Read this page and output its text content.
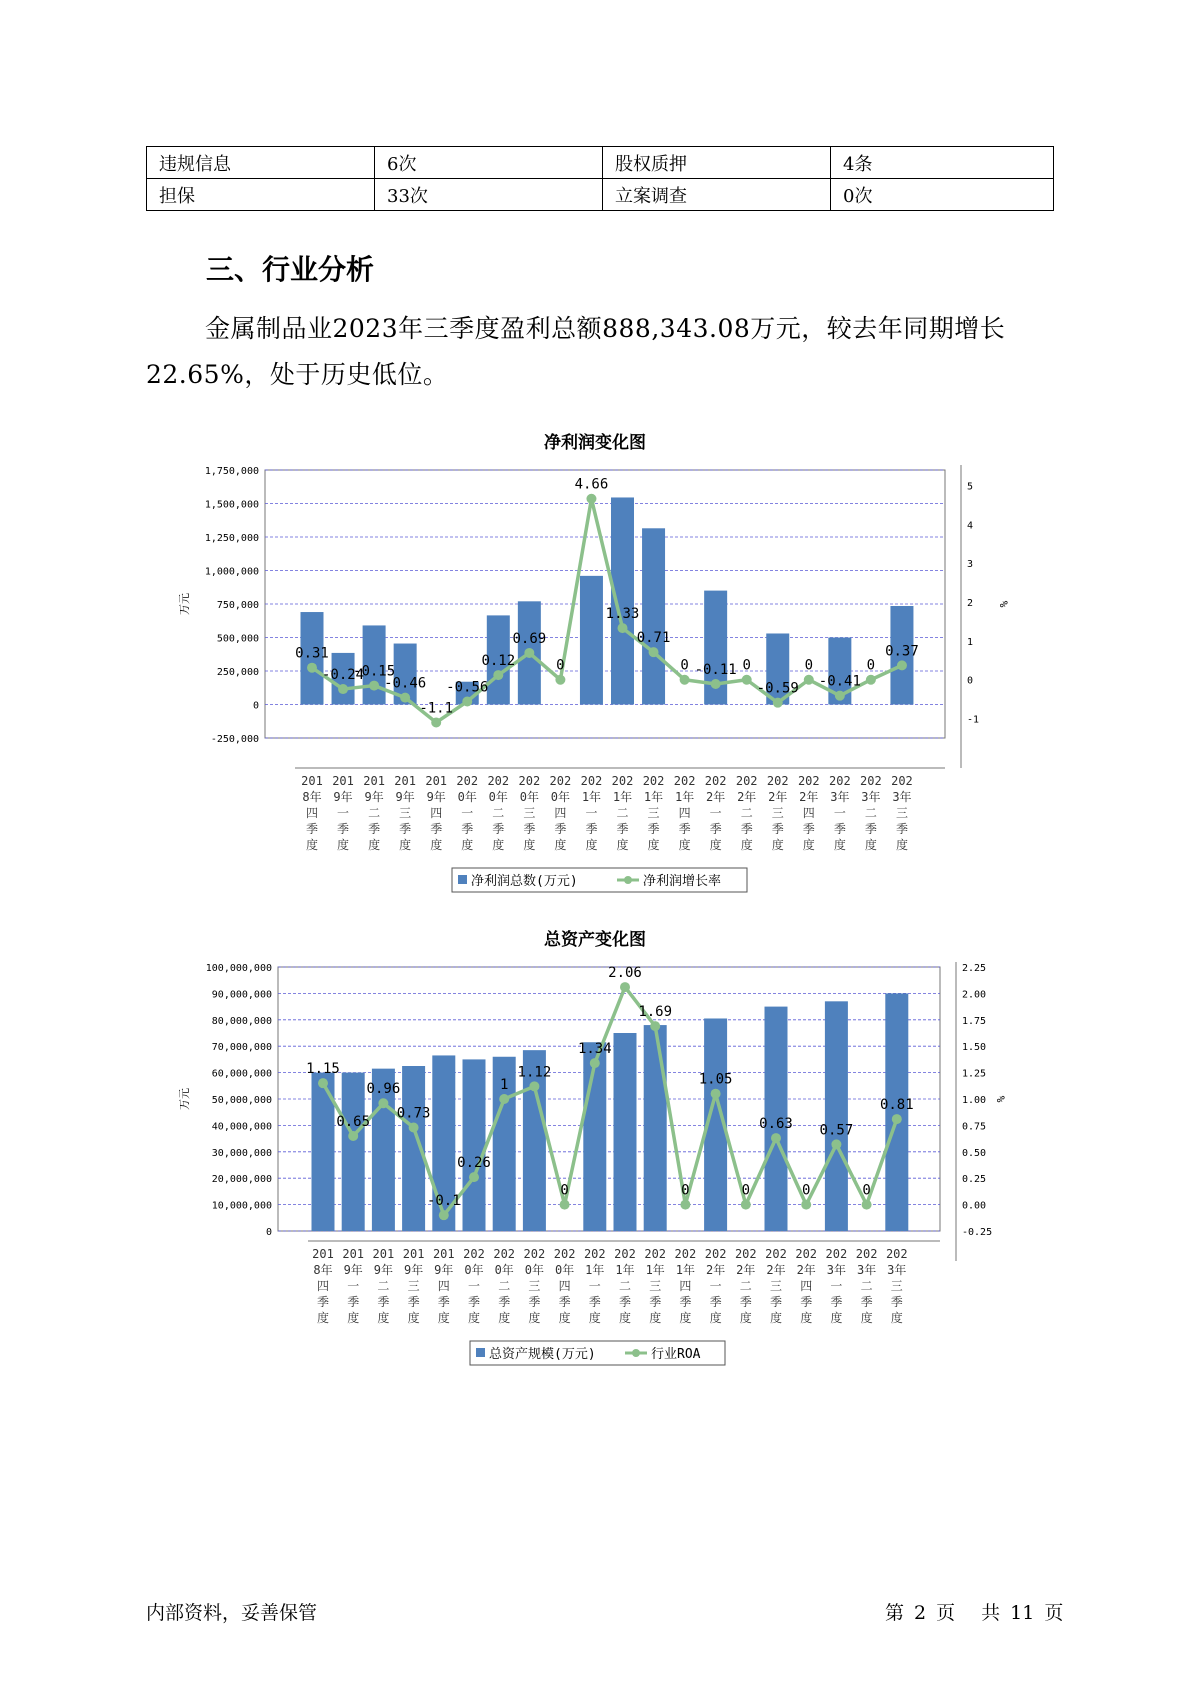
违规信息	6次	股权质押	4条
担保	33次	立案调查	0次
三、行业分析

金属制品业2023年三季度盈利总额888,343.08万元，较去年同期增长22.65%，处于历史低位。

净利润变化图
-250,000
0
250,000
500,000
750,000
1,000,000
1,250,000
1,500,000
1,750,000
-1
0
1
2
3
4
5
万元	%
0.31
-0.24
-0.15
-0.46
-1.1
-0.56
0.12
0.69
0
4.66
1.33
0.71
0 -0.11 0
-0.59
0
-0.41
0
0.37
201
8年
四
季
度
201
9年
一
季
度
201
9年
二
季
度
201
9年
三
季
度
201
9年
四
季
度
202
0年
一
季
度
202
0年
二
季
度
202
0年
三
季
度
202
0年
四
季
度
202
1年
一
季
度
202
1年
二
季
度
202
1年
三
季
度
202
1年
四
季
度
202
2年
一
季
度
202
2年
二
季
度
202
2年
三
季
度
202
2年
四
季
度
202
3年
一
季
度
202
3年
二
季
度
202
3年
三
季
度
净利润总数(万元)	净利润增长率
总资产变化图
0
10,000,000
20,000,000
30,000,000
40,000,000
50,000,000
60,000,000
70,000,000
80,000,000
90,000,000
100,000,000
-0.25
0.00
0.25
0.50
0.75
1.00
1.25
1.50
1.75
2.00
2.25
万元	%
1.15
0.65
0.96
0.73
-0.1
0.26
1
1.12
0
1.34
2.06
1.69
0
1.05
0
0.63
0
0.57
0
0.81
201
8年
四
季
度
201
9年
一
季
度
201
9年
二
季
度
201
9年
三
季
度
201
9年
四
季
度
202
0年
一
季
度
202
0年
二
季
度
202
0年
三
季
度
202
0年
四
季
度
202
1年
一
季
度
202
1年
二
季
度
202
1年
三
季
度
202
1年
四
季
度
202
2年
一
季
度
202
2年
二
季
度
202
2年
三
季
度
202
2年
四
季
度
202
3年
一
季
度
202
3年
二
季
度
202
3年
三
季
度
总资产规模(万元)	行业ROA

内部资料，妥善保管	第 2 页 共 11 页
